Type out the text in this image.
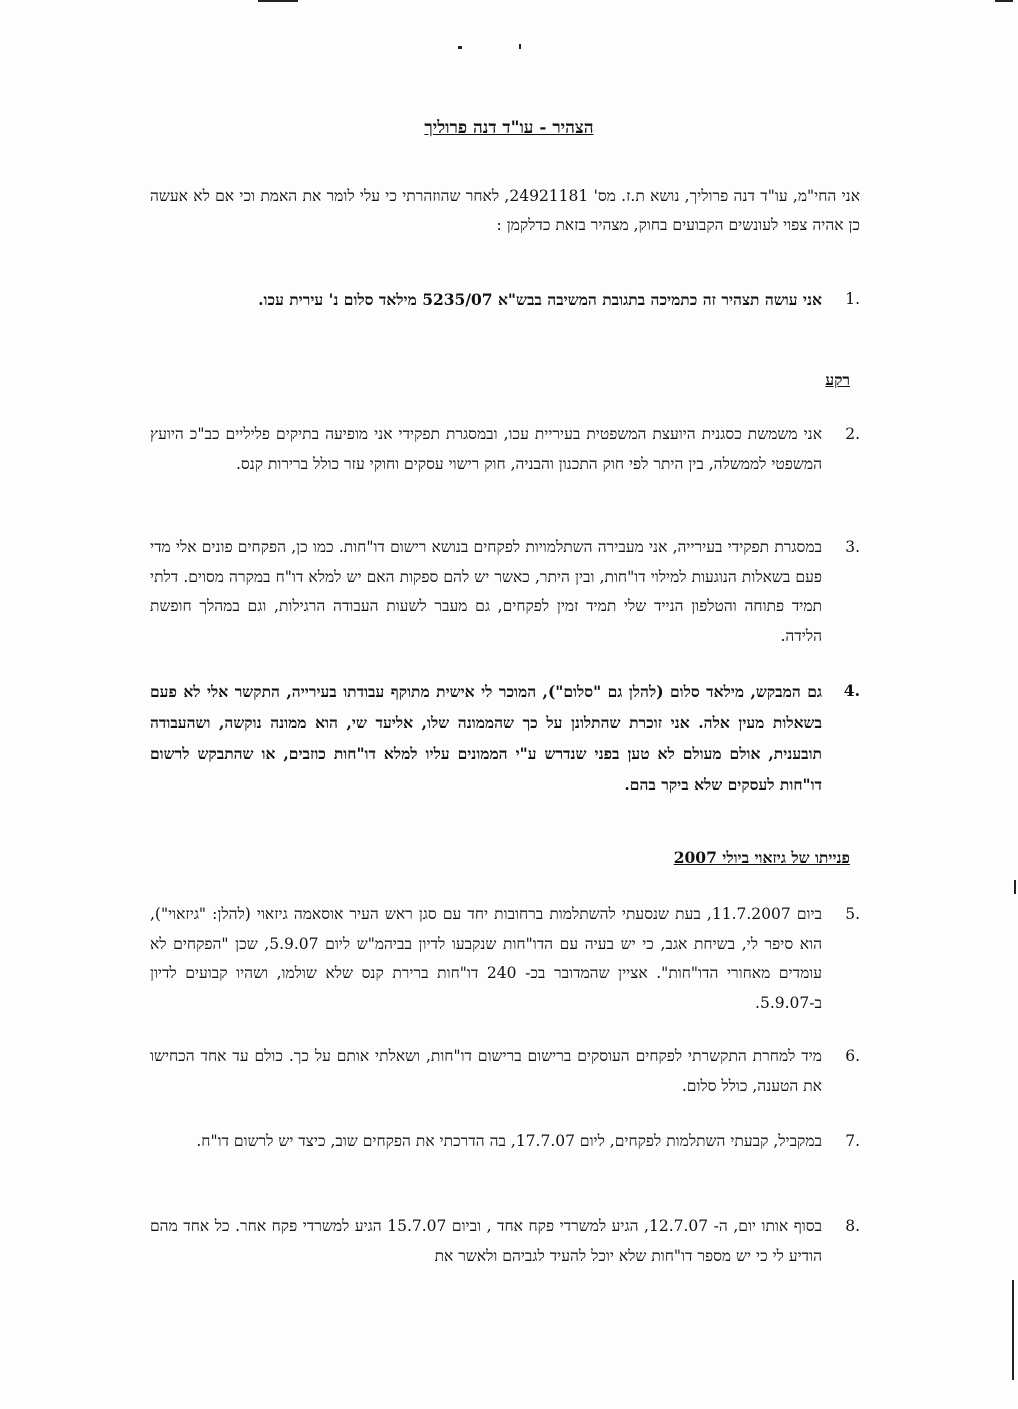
הצהיר - עו"ד דנה פרוליך
אני החי"מ, עו"ד דנה פרוליך, נושא ת.ז. מס' 24921181, לאחר שהוזהרתי כי עלי לומר את האמת וכי אם לא אעשה כן אהיה צפוי לעונשים הקבועים בחוק, מצהיר בזאת כדלקמן :
.1
אני עושה תצהיר זה כתמיכה בתגובת המשיבה בבש"א 5235/07 מילאד סלום נ' עירית עכו.
רקע
.2
אני משמשת כסגנית היועצת המשפטית בעיריית עכו, ובמסגרת תפקידי אני מופיעה בתיקים פליליים כב"כ היועץ המשפטי לממשלה, בין היתר לפי חוק התכנון והבניה, חוק רישוי עסקים וחוקי עזר כולל ברירות קנס.
.3
במסגרת תפקידי בעירייה, אני מעבירה השתלמויות לפקחים בנושא רישום דו"חות. כמו כן, הפקחים פונים אלי מדי פעם בשאלות הנוגעות למילוי דו"חות, ובין היתר, כאשר יש להם ספקות האם יש למלא דו"ח במקרה מסוים. דלתי תמיד פתוחה והטלפון הנייד שלי תמיד זמין לפקחים, גם מעבר לשעות העבודה הרגילות, וגם במהלך חופשת הלידה.
.4
גם המבקש, מילאד סלום (להלן גם "סלום"), המוכר לי אישית מתוקף עבודתו בעירייה, התקשר אלי לא פעם בשאלות מעין אלה. אני זוכרת שהתלונן על כך שהממונה שלו, אליעד שי, הוא ממונה נוקשה, ושהעבודה תובענית, אולם מעולם לא טען בפני שנדרש ע"י הממונים עליו למלא דו"חות כוזבים, או שהתבקש לרשום דו"חות לעסקים שלא ביקר בהם.
פנייתו של גיזאוי ביולי 2007
.5
ביום 11.7.2007, בעת שנסעתי להשתלמות ברחובות יחד עם סגן ראש העיר אוסאמה גיזאוי (להלן: "גיזאוי"), הוא סיפר לי, בשיחת אגב, כי יש בעיה עם הדו"חות שנקבעו לדיון בביהמ"ש ליום 5.9.07, שכן "הפקחים לא עומדים מאחורי הדו"חות". אציין שהמדובר בכ- 240 דו"חות ברירת קנס שלא שולמו, ושהיו קבועים לדיון ב-5.9.07.
.6
מיד למחרת התקשרתי לפקחים העוסקים ברישום ברישום דו"חות, ושאלתי אותם על כך. כולם עד אחד הכחישו את הטענה, כולל סלום.
.7
במקביל, קבעתי השתלמות לפקחים, ליום 17.7.07, בה הדרכתי את הפקחים שוב, כיצד יש לרשום דו"ח.
.8
בסוף אותו יום, ה- 12.7.07, הגיע למשרדי פקח אחד , וביום 15.7.07 הגיע למשרדי פקח אחר. כל אחד מהם הודיע לי כי יש מספר דו"חות שלא יוכל להעיד לגביהם ולאשר את
